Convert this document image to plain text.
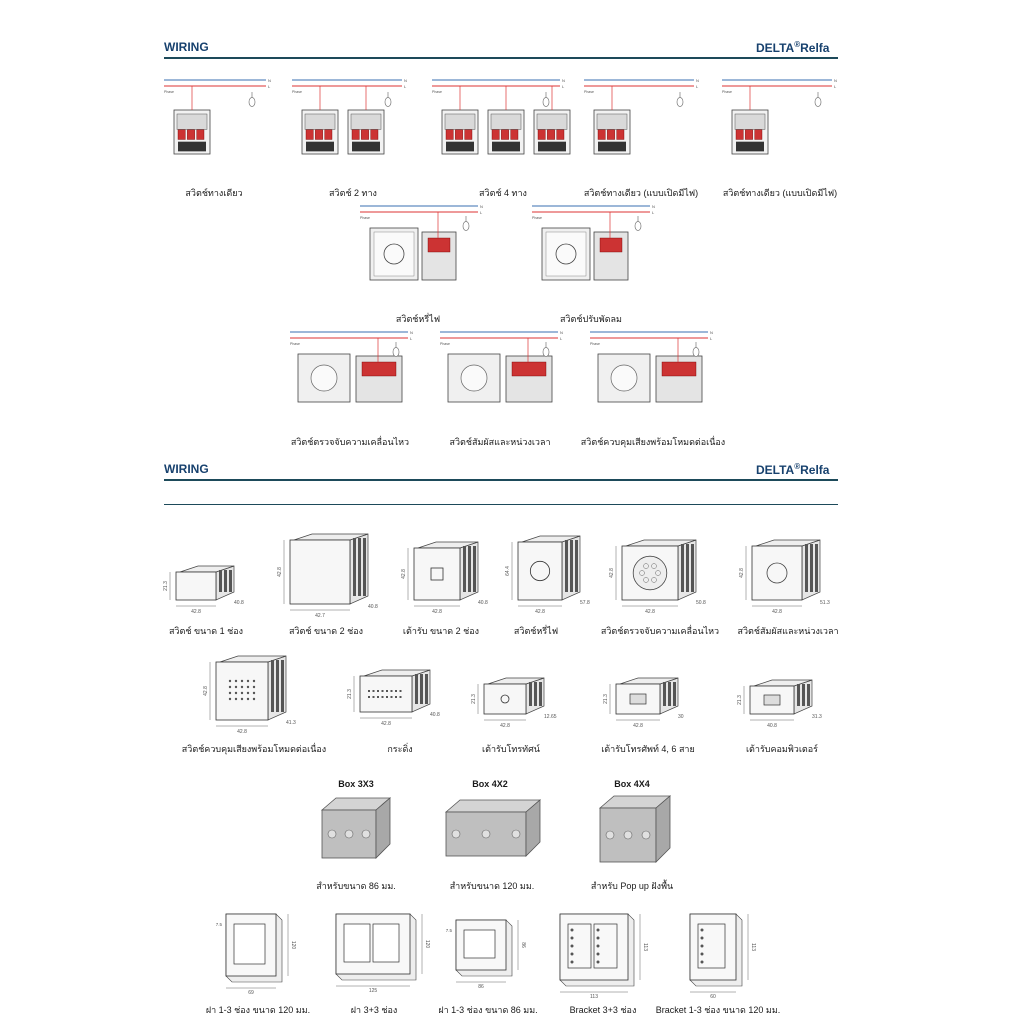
WIRING	DELTA®Relfa
N
L
Phase
N
L
Phase
N
L
Phase
N
L
Phase
N
L
Phase
N
L
Phase
N
L
Phase
N
L
Phase
N
L
Phase
N
L
Phase
สวิตช์ทางเดียว	สวิตช์ 2 ทาง	สวิตช์ 4 ทาง	สวิตช์ทางเดียว (แบบเปิดมีไฟ)	สวิตช์ทางเดียว (แบบเปิดมีไฟ)
สวิตช์หรี่ไฟ	สวิตช์ปรับพัดลม
สวิตช์ตรวจจับความเคลื่อนไหว	สวิตช์สัมผัสและหน่วงเวลา	สวิตช์ควบคุมเสียงพร้อมโหมดต่อเนื่อง
WIRING	DELTA®Relfa
21.3
42.8
40.8
42.8
42.7
40.8
42.8
42.8
40.8
64.4
42.8
57.8
42.8
42.8
50.8
42.8
42.8
51.3
42.8
42.8
41.3
21.3
42.8
40.8
21.3
42.8
12.65
21.3
42.8
30
21.3
40.8
31.3
69
120
7.5
125
120
86
86
7.5
113
113
60
113
สวิตช์ ขนาด 1 ช่อง	สวิตช์ ขนาด 2 ช่อง	เต้ารับ ขนาด 2 ช่อง	สวิตช์หรี่ไฟ	สวิตช์ตรวจจับความเคลื่อนไหว สวิตช์สัมผัสและหน่วงเวลา
สวิตช์ควบคุมเสียงพร้อมโหมดต่อเนื่อง	กระดิ่ง	เต้ารับโทรทัศน์	เต้ารับโทรศัพท์ 4, 6 สาย	เต้ารับคอมพิวเตอร์
Box 3X3	Box 4X2	Box 4X4
สำหรับขนาด 86 มม.	สำหรับขนาด 120 มม.	สำหรับ Pop up ฝังพื้น
ฝา 1-3 ช่อง ขนาด 120 มม.	ฝา 3+3 ช่อง	ฝา 1-3 ช่อง ขนาด 86 มม.	Bracket 3+3 ช่อง Bracket 1-3 ช่อง ขนาด 120 มม.
